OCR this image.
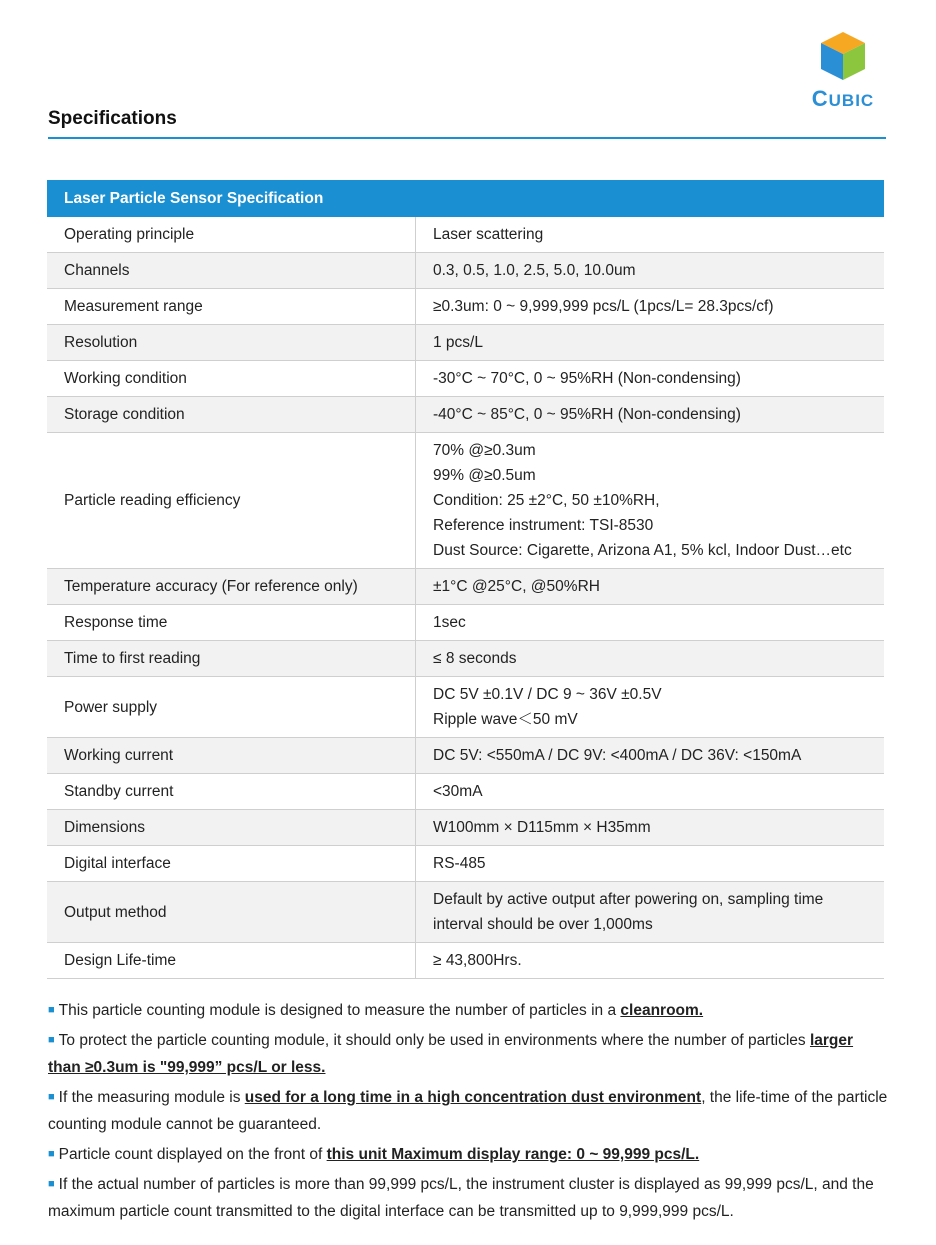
CUBIC
Specifications
Laser Particle Sensor Specification	
Operating principle	Laser scattering

Channels	0.3, 0.5, 1.0, 2.5, 5.0, 10.0um

Measurement range	≥0.3um: 0 ~ 9,999,999 pcs/L (1pcs/L= 28.3pcs/cf)

Resolution	1 pcs/L

Working condition	-30°C ~ 70°C, 0 ~ 95%RH (Non-condensing)

Storage condition	-40°C ~ 85°C, 0 ~ 95%RH (Non-condensing)

Particle reading efficiency	70% @≥0.3um
99% @≥0.5um
Condition: 25 ±2°C, 50 ±10%RH,
Reference instrument: TSI-8530
Dust Source: Cigarette, Arizona A1, 5% kcl, Indoor Dust…etc

Temperature accuracy (For reference only)	±1°C @25°C, @50%RH

Response time	1sec

Time to first reading	≤ 8 seconds

Power supply	DC 5V ±0.1V / DC 9 ~ 36V ±0.5V
Ripple wave＜50 mV

Working current	DC 5V: <550mA / DC 9V: <400mA / DC 36V: <150mA

Standby current	<30mA

Dimensions	W100mm × D115mm × H35mm

Digital interface	RS-485

Output method	Default by active output after powering on, sampling time
interval should be over 1,000ms

Design Life-time	≥ 43,800Hrs.
■ This particle counting module is designed to measure the number of particles in a cleanroom.
■ To protect the particle counting module, it should only be used in environments where the number of particles larger than ≥0.3um is "99,999” pcs/L or less.
■ If the measuring module is used for a long time in a high concentration dust environment, the life-time of the particle counting module cannot be guaranteed.
■ Particle count displayed on the front of this unit Maximum display range: 0 ~ 99,999 pcs/L.
■ If the actual number of particles is more than 99,999 pcs/L, the instrument cluster is displayed as 99,999 pcs/L, and the maximum particle count transmitted to the digital interface can be transmitted up to 9,999,999 pcs/L.
